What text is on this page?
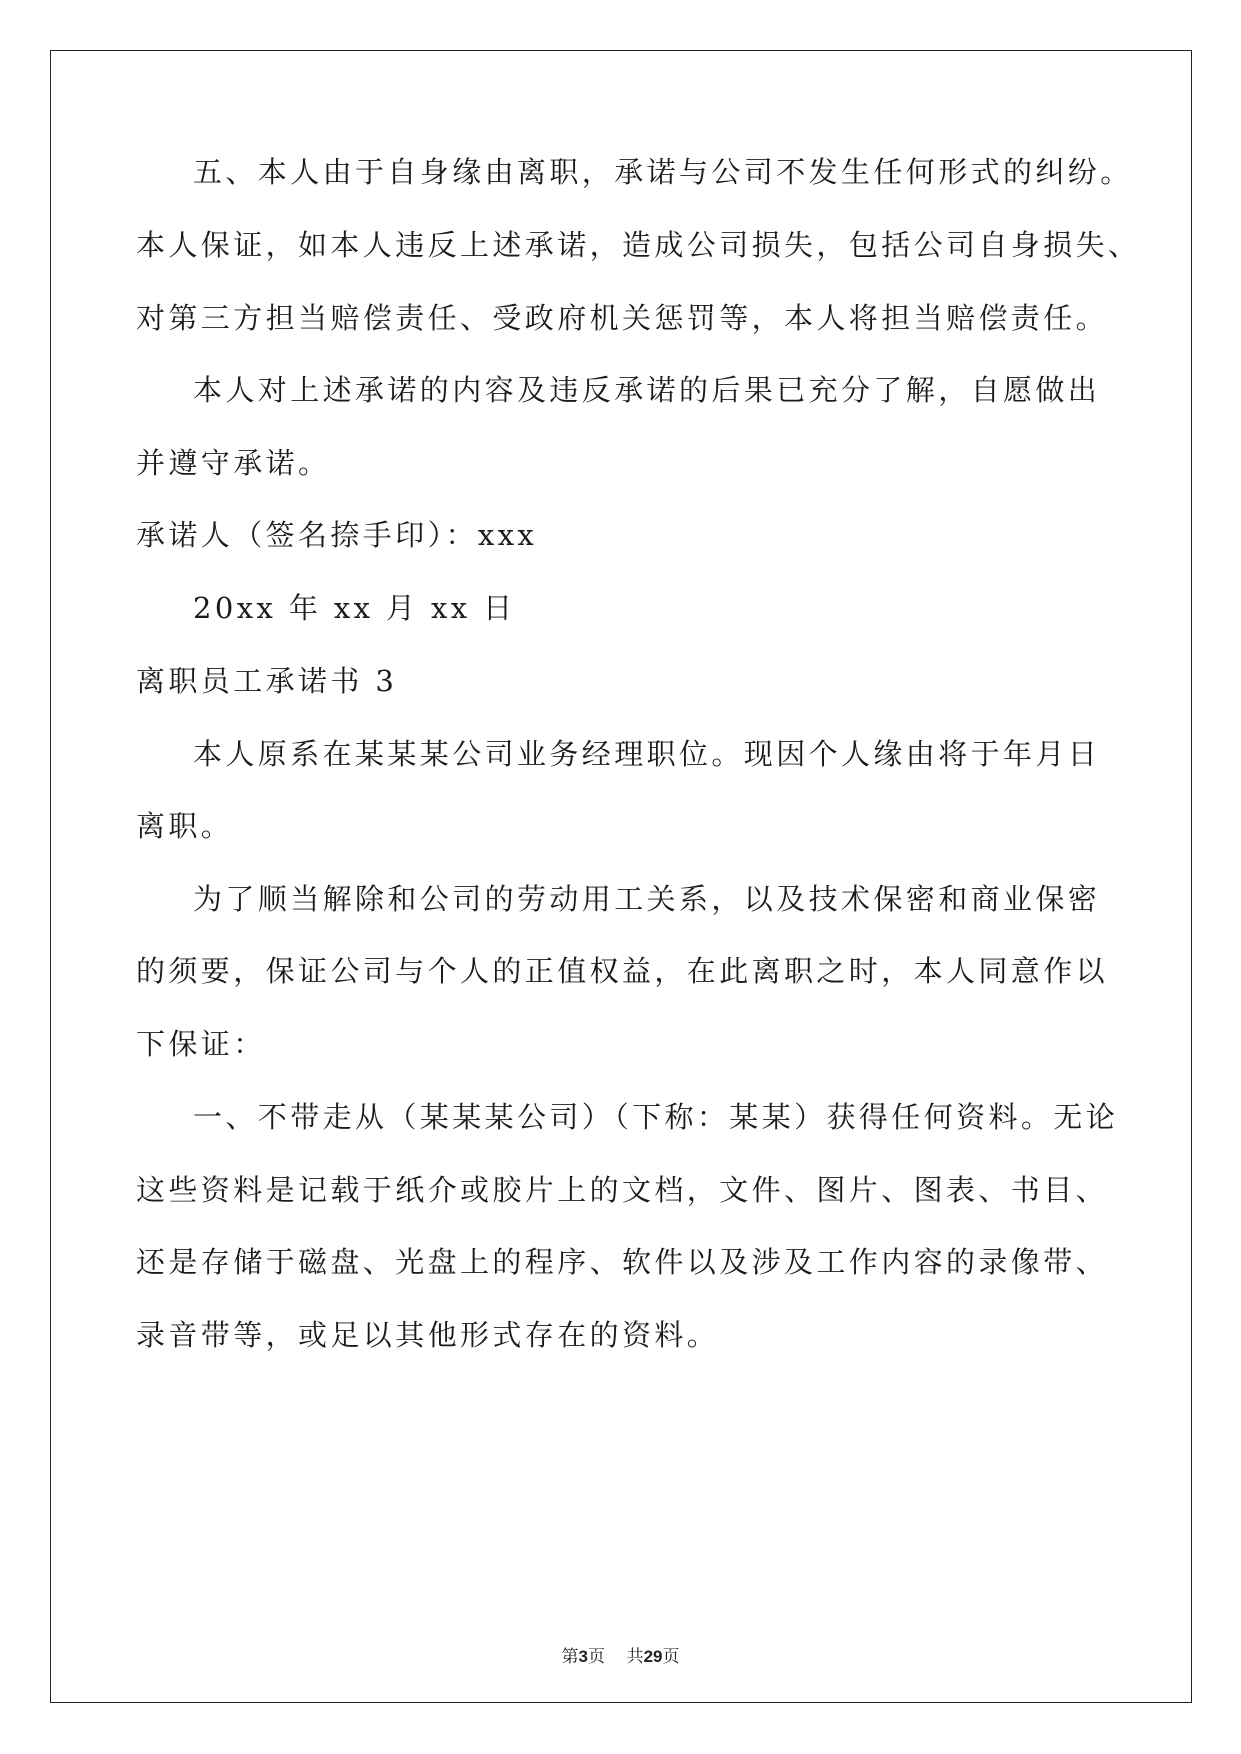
五、本人由于自身缘由离职，承诺与公司不发生任何形式的纠纷。
本人保证，如本人违反上述承诺，造成公司损失，包括公司自身损失、
对第三方担当赔偿责任、受政府机关惩罚等，本人将担当赔偿责任。
本人对上述承诺的内容及违反承诺的后果已充分了解，自愿做出
并遵守承诺。
承诺人（签名捺手印）：xxx
20xx 年 xx 月 xx 日
离职员工承诺书 3
本人原系在某某某公司业务经理职位。现因个人缘由将于年月日
离职。
为了顺当解除和公司的劳动用工关系，以及技术保密和商业保密
的须要，保证公司与个人的正值权益，在此离职之时，本人同意作以
下保证：
一、不带走从（某某某公司）（下称：某某）获得任何资料。无论
这些资料是记载于纸介或胶片上的文档，文件、图片、图表、书目、
还是存储于磁盘、光盘上的程序、软件以及涉及工作内容的录像带、
录音带等，或足以其他形式存在的资料。
第3页    共29页
